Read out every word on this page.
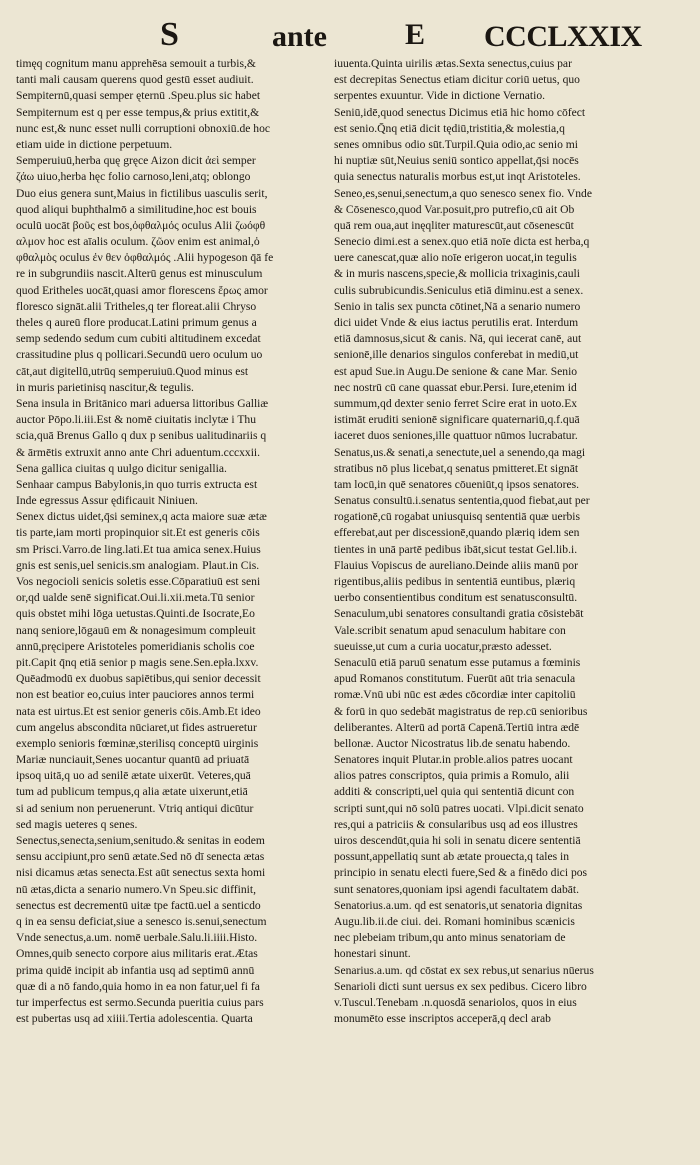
S	ante	E CCCLXXIX
timęq cognitum manu apprehēsa semouit a turbis,&
tanti mali causam querens quod gestū esset audiuit.
Sempiternū,quasi semper ęternū .Speu.plus sic habet
Sempiternum est q per esse tempus,& prius extitit,&
nunc est,& nunc esset nulli corruptioni obnoxiū.de hoc
etiam uide in dictione perpetuum.
Semperuiuū,herba quę gręce Aizon dicit ἀεὶ semper
ζάω uiuo,herba hęc folio carnoso,leni,atq; oblongo
Duo eius genera sunt,Maius in fictilibus uasculis serit,
quod aliqui buphthalmō a similitudine,hoc est bouis
oculū uocāt βοῦς est bos,ὀφθαλμός oculus Alii ζωόφθ
αλμον hoc est aīalis oculum. ζῶον enim est animal,ὀ
φθαλμὸς oculus ἐν θεν ὀφθαλμός .Alii hypogeson q̄ā fe
re in subgrundiis nascit.Alterū genus est minusculum
quod Eritheles uocāt,quasi amor florescens ἔρως amor
floresco signāt.alii Tritheles,q ter floreat.alii Chryso
theles q aureū flore producat.Latini primum genus a
semp sedendo sedum cum cubiti altitudinem excedat
crassitudine plus q pollicari.Secundū uero oculum uo
cāt,aut digitellū,utrūq semperuiuū.Quod minus est
in muris parietinisq nascitur,& tegulis.
Sena insula in Britānico mari aduersa littoribus Galliæ
auctor Pōpo.li.iii.Est & nomē ciuitatis inclytæ i Thu
scia,quā Brenus Gallo q dux p senibus ualitudinariis q
& ārmētis extruxit anno ante Chri aduentum.cccxxii.
Sena gallica ciuitas q uulgo dicitur senigallia.
Senhaar campus Babylonis,in quo turris extructa est
Inde egressus Assur ędificauit Niniuen.
Senex dictus uidet,q̄si seminex,q acta maiore suæ ætæ
tis parte,iam morti propinquior sit.Et est generis cōis
sm Prisci.Varro.de ling.lati.Et tua amica senex.Huius
gnis est senis,uel senicis.sm analogiam. Plaut.in Cis.
Vos negocioli senicis soletis esse.Cōparatiuū est seni
or,qd ualde senē significat.Oui.li.xii.meta.Tū senior
quis obstet mihi lōga uetustas.Quinti.de Isocrate,Eo
nanq seniore,lōgauū em & nonagesimum compleuit
annū,pręcipere Aristoteles pomeridianis scholis coe
pit.Capit q̄nq etiā senior p magis sene.Sen.epła.lxxv.
Quēadmodū ex duobus sapiētibus,qui senior decessit
non est beatior eo,cuius inter pauciores annos termi
nata est uirtus.Et est senior generis cōis.Amb.Et ideo
cum angelus abscondita nūciaret,ut fides astrueretur
exemplo senioris fœminæ,sterilisq conceptū uirginis
Mariæ nunciauit,Senes uocantur quantū ad priuatā
ipsoq uitā,q uo ad senilē ætate uixerūt. Veteres,quā
tum ad publicum tempus,q alia ætate uixerunt,etiā
si ad senium non peruenerunt. Vtriq antiqui dicūtur
sed magis ueteres q senes.
Senectus,senecta,senium,senitudo.& senitas in eodem
sensu accipiunt,pro senū ætate.Sed nō dī senecta ætas
nisi dicamus ætas senecta.Est aūt senectus sexta homi
nū ætas,dicta a senario numero.Vn Speu.sic diffinit,
senectus est decrementū uitæ tpe factū.uel a senticdo
q in ea sensu deficiat,siue a senesco is.senui,senectum
Vnde senectus,a.um. nomē uerbale.Salu.li.iiii.Histo.
Omnes,quib senecto corpore aius militaris erat.Ætas
prima quidē incipit ab infantia usq ad septimū annū
quæ di a nō fando,quia homo in ea non fatur,uel fi fa
tur imperfectus est sermo.Secunda pueritia cuius pars
est pubertas usq ad xiiii.Tertia adolescentia. Quarta
iuuenta.Quinta uirilis ætas.Sexta senectus,cuius par
est decrepitas Senectus etiam dicitur coriū uetus, quo
serpentes exuuntur. Vide in dictione Vernatio.
Seniū,idē,quod senectus Dicimus etiā hic homo cōfect
est senio.Q̄nq etiā dicit tędiū,tristitia,& molestia,q
senes omnibus odio sūt.Turpil.Quia odio,ac senio mi
hi nuptiæ sūt,Neuius seniū sontico appellat,q̄si nocēs
quia senectus naturalis morbus est,ut inqt Aristoteles.
Seneo,es,senui,senectum,a quo senesco senex fio. Vnde
& Cōsenesco,quod Var.posuit,pro putrefio,cū ait Ob
quā rem oua,aut inęqliter maturescūt,aut cōsenescūt
Senecio dimi.est a senex.quo etiā noīe dicta est herba,q
uere canescat,quæ alio noīe erigeron uocat,in tegulis
& in muris nascens,specie,& mollicia trixaginis,cauli
culis subrubicundis.Seniculus etiā diminu.est a senex.
Senio in talis sex puncta cōtinet,Nā a senario numero
dici uidet Vnde & eius iactus perutilis erat. Interdum
etiā damnosus,sicut & canis. Nā, qui iecerat canē, aut
senionē,ille denarios singulos conferebat in mediū,ut
est apud Sue.in Augu.De senione & cane Mar. Senio
nec nostrū cū cane quassat ebur.Persi. Iure,etenim id
summum,qd dexter senio ferret Scire erat in uoto.Ex
istimāt eruditi senionē significare quaternariū,q.f.quā
iaceret duos seniones,ille quattuor nūmos lucrabatur.
Senatus,us.& senati,a senectute,uel a senendo,qa magi
stratibus nō plus licebat,q senatus pmitteret.Et signāt
tam locū,in quē senatores cōueniūt,q ipsos senatores.
Senatus consultū.i.senatus sententia,quod fiebat,aut per
rogationē,cū rogabat uniusquisq sententiā quæ uerbis
efferebat,aut per discessionē,quando plæriq idem sen
tientes in unā partē pedibus ibāt,sicut testat Gel.lib.i.
Flauius Vopiscus de aureliano.Deinde aliis manū por
rigentibus,aliis pedibus in sententiā euntibus, plæriq
uerbo consentientibus conditum est senatusconsultū.
Senaculum,ubi senatores consultandi gratia cōsistebāt
Vale.scribit senatum apud senaculum habitare con
sueuisse,ut cum a curia uocatur,præsto adesset.
Senaculū etiā paruū senatum esse putamus a fœminis
apud Romanos constitutum. Fuerūt aūt tria senacula
romæ.Vnū ubi nūc est ædes cōcordiæ inter capitoliū
& forū in quo sedebāt magistratus de rep.cū senioribus
deliberantes. Alterū ad portā Capenā.Tertiū intra ædē
bellonæ. Auctor Nicostratus lib.de senatu habendo.
Senatores inquit Plutar.in proble.alios patres uocant
alios patres conscriptos, quia primis a Romulo, alii
additi & conscripti,uel quia qui sententiā dicunt con
scripti sunt,qui nō solū patres uocati. Vlpi.dicit senato
res,qui a patriciis & consularibus usq ad eos illustres
uiros descendūt,quia hi soli in senatu dicere sententiā
possunt,appellatiq sunt ab ætate prouecta,q tales in
principio in senatu electi fuere,Sed & a finēdo dici pos
sunt senatores,quoniam ipsi agendi facultatem dabāt.
Senatorius.a.um. qd est senatoris,ut senatoria dignitas
Augu.lib.ii.de ciui. dei. Romani hominibus scænicis
nec plebeiam tribum,qu anto minus senatoriam de
honestari sinunt.
Senarius.a.um. qd cōstat ex sex rebus,ut senarius nūerus
Senarioli dicti sunt uersus ex sex pedibus. Cicero libro
v.Tuscul.Tenebam .n.quosdā senariolos, quos in eius
monumēto esse inscriptos acceperā,q decl arab
